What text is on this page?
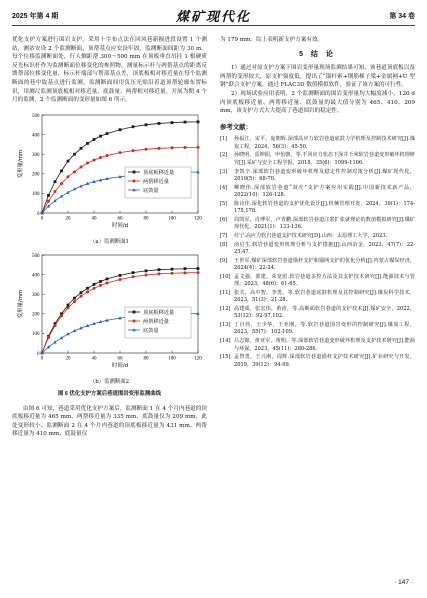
2025 年第 4 期	煤矿现代化	第 34 卷

优化支护方案进行围岩支护。采用十字布点法在回风巷新掘进段设置 1 个测站，测站安设 2 个监测断面，顶帮基点应安设牢固，监测断面间距为 30 m。每个位移监测断面处，行人侧距帮 300～500 mm 在顶板垂直吊挂 1 根硬质反光标识杆作为监测断面位移变化的参照物，测量标示杆与两帮基点的距离反馈帮部位移变化量，标示杆端部与帮部基点差，顶底板相对移近量在每个监测断面的巷中取基点进行监测。监测断面间用负压光贴沿着道顶帮轮廓布置标识，用测尺监测顶底板相对移近量、底鼓量、两帮相对移近量。开展为期 4 个月的监测，2 个监测断面的变形量如图 6 所示。

0
100
200
300
400
500
0	20	40	60	80	100	120
时间/d
变形量/mm	顶底板移近量
两帮移近量
底鼓量
（a）监测断面1
0
100
200
300
400
500
0	20	40	60	80	100	120
时间/d
变形量/mm	顶底板移近量
两帮移近量
底鼓量
（b）监测断面2
图 6 优化支护方案后巷道围岩变形监测曲线

由图 6 可知，巷道采用优化支护方案后，监测断面 1 在 4 个月内巷道的顶底板移近量为 465 mm、两帮移近量为 335 mm、底鼓量仅为 209 mm，此处变形较小。监测断面 2 在 4 个月内巷道的顶底板移近量为 431 mm、两帮移近量为 410 mm、底鼓量仅

为 179 mm。综上表明新支护方案有效。

5 结 论

1）通过对原支护方案下围岩变形量现场监测结果可知，该巷道顶底板以及两帮的变形较大，原支护强度低。提出了“锚杆索+钢筋梯子梁+金属网+U 型钢”联合支护方案，通过 FLAC3D 数值模拟软件，验证了该方案的可行性。

2）现场试验应用表明，2 个监测断面的围岩变形量均大幅度减小，120 d 内顶底板移近量、两帮移近量、底鼓量的最大值分别为 465、410、209 mm，该支护方式大大提高了巷道围岩的稳定性。

参考文献：
[1]	孙福江，宋平，庞朝辉.深部高应力软岩巷道底鼓力学机理及控制技术研究[J].煤炭工程，2024，56(3)：45-50.
[2]	孙晓明，雷坤阳，申怡朝，等.不同应力状态下深井千米软岩巷道变形破坏机理研究[J].采矿与安全工程学报，2018，35(6)：1099-1106.
[3]	李凯辛.深部软岩巷道变形破坏机理及稳定性控制对策分析[J].煤矿现代化，2019(5)：68-70.
[4]	柳晓伟.深部软岩巷道“双壳”支护方案应用实践[J].中国新技术新产品，2022(10)：126-128.
[5]	陈诗佳.深化软岩巷道的支护优化设计[J].机械管理开发，2024，39(1)：174-175,178.
[6]	周凯军，肖博军，卢青鹏.深部软岩巷道注浆扩张就理论的数值模拟研究[J].煤矿现代化，2021(1)：133-136.
[7]	任宁.高应力软岩巷道支护技术研究[D].山西：太原理工大学，2023.
[8]	俞启生.软岩巷道变形机理分析与支护措施[J].山西冶金，2023，47(7)：22-25,47.
[9]	王世军.煤矿深部软岩巷道锚杆支护和锚网支护的优化分析[J].内蒙古煤炭经济，2024(4)：22-24.
[10] 孟文强，郭建，荣宽彪.软岩巷道多控方法及其支护技术研究[J].能源技术与管理，2023，48(6)：61-65.
[11] 张关，高中智，李勇，等.软岩巷道底鼓机理及其控制研究[J].煤炭科学技术，2023，51(3)：21-28.
[12] 高建成，张宏伟，黄涛，等.高断面软岩巷道的支护技术[J].煤矿安全，2022，53(12)：92-97,102.
[13] 丁自伟，王少华，王亚刚，等.软岩巷道围岩变形的控制研究[J].煤炭工程，2023，55(7)：102-109.
[14] 吕志锦，黄亚军，黄明，等.深部软岩巷道变形破坏机理及支护技术研究[J].能源与环保，2023，45(11)：280-286.
[15] 孟智勇，王兴刚，周辉.深部软岩巷道锚杆支护技术研究[J].矿业研究与开发，2019，39(12)：94-99.
· 147 ·
